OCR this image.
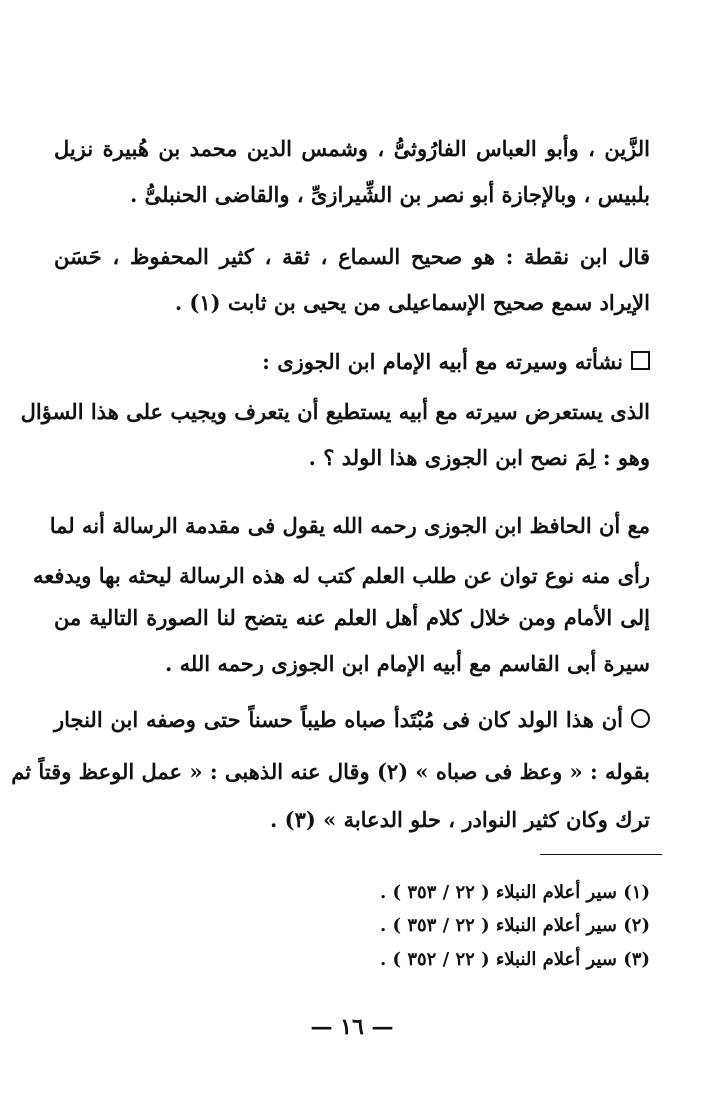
الزَّين ، وأبو العباس الفارُوثىُّ ، وشمس الدين محمد بن هُبيرة نزيل
بلبيس ، وبالإجازة أبو نصر بن الشِّيرازىِّ ، والقاضى الحنبلىُّ .
قال ابن نقطة : هو صحيح السماع ، ثقة ، كثير المحفوظ ، حَسَن
الإيراد سمع صحيح الإسماعيلى من يحيى بن ثابت (١) .
نشأته وسيرته مع أبيه الإمام ابن الجوزى :
الذى يستعرض سيرته مع أبيه يستطيع أن يتعرف ويجيب على هذا السؤال
وهو : لِمَ نصح ابن الجوزى هذا الولد ؟ .
مع أن الحافظ ابن الجوزى رحمه الله يقول فى مقدمة الرسالة أنه لما
رأى منه نوع توان عن طلب العلم كتب له هذه الرسالة ليحثه بها ويدفعه
إلى الأمام ومن خلال كلام أهل العلم عنه يتضح لنا الصورة التالية من
سيرة أبى القاسم مع أبيه الإمام ابن الجوزى رحمه الله .
أن هذا الولد كان فى مُبْتَدأ صباه طيباً حسناً حتى وصفه ابن النجار
بقوله : « وعظ فى صباه » (٢) وقال عنه الذهبى : « عمل الوعظ وقتاً ثم
ترك وكان كثير النوادر ، حلو الدعابة » (٣) .
(١) سير أعلام النبلاء ( ٢٢ / ٣٥٣ ) .
(٢) سير أعلام النبلاء ( ٢٢ / ٣٥٣ ) .
(٣) سير أعلام النبلاء ( ٢٢ / ٣٥٢ ) .
— ١٦ —
